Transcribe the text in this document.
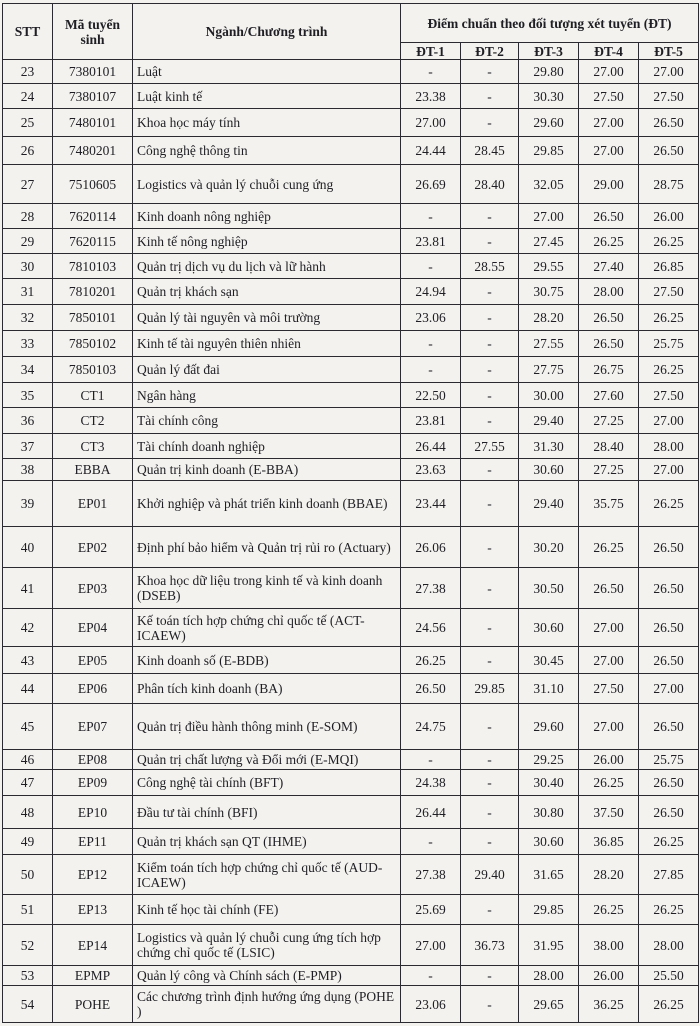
STT	Mã tuyển sinh	Ngành/Chương trình	Điểm chuẩn theo đối tượng xét tuyển (ĐT)				
			ĐT-1	ĐT-2	ĐT-3	ĐT-4	ĐT-5
23	7380101	Luật	-	-	29.80	27.00	27.00
24	7380107	Luật kinh tế	23.38	-	30.30	27.50	27.50
25	7480101	Khoa học máy tính	27.00	-	29.60	27.00	26.50
26	7480201	Công nghệ thông tin	24.44	28.45	29.85	27.00	26.50
27	7510605	Logistics và quản lý chuỗi cung ứng	26.69	28.40	32.05	29.00	28.75
28	7620114	Kinh doanh nông nghiệp	-	-	27.00	26.50	26.00
29	7620115	Kinh tế nông nghiệp	23.81	-	27.45	26.25	26.25
30	7810103	Quản trị dịch vụ du lịch và lữ hành	-	28.55	29.55	27.40	26.85
31	7810201	Quản trị khách sạn	24.94	-	30.75	28.00	27.50
32	7850101	Quản lý tài nguyên và môi trường	23.06	-	28.20	26.50	26.25
33	7850102	Kinh tế tài nguyên thiên nhiên	-	-	27.55	26.50	25.75
34	7850103	Quản lý đất đai	-	-	27.75	26.75	26.25
35	CT1	Ngân hàng	22.50	-	30.00	27.60	27.50
36	CT2	Tài chính công	23.81	-	29.40	27.25	27.00
37	CT3	Tài chính doanh nghiệp	26.44	27.55	31.30	28.40	28.00
38	EBBA	Quản trị kinh doanh (E-BBA)	23.63	-	30.60	27.25	27.00
39	EP01	Khởi nghiệp và phát triển kinh doanh (BBAE)	23.44	-	29.40	35.75	26.25
40	EP02	Định phí bảo hiểm và Quản trị rủi ro (Actuary)	26.06	-	30.20	26.25	26.50
41	EP03	Khoa học dữ liệu trong kinh tế và kinh doanh (DSEB)	27.38	-	30.50	26.50	26.50
42	EP04	Kế toán tích hợp chứng chỉ quốc tế (ACT-ICAEW)	24.56	-	30.60	27.00	26.50
43	EP05	Kinh doanh số (E-BDB)	26.25	-	30.45	27.00	26.50
44	EP06	Phân tích kinh doanh (BA)	26.50	29.85	31.10	27.50	27.00
45	EP07	Quản trị điều hành thông minh (E-SOM)	24.75	-	29.60	27.00	26.50
46	EP08	Quản trị chất lượng và Đổi mới (E-MQI)	-	-	29.25	26.00	25.75
47	EP09	Công nghệ tài chính (BFT)	24.38	-	30.40	26.25	26.50
48	EP10	Đầu tư tài chính (BFI)	26.44	-	30.80	37.50	26.50
49	EP11	Quản trị khách sạn QT (IHME)	-	-	30.60	36.85	26.25
50	EP12	Kiểm toán tích hợp chứng chỉ quốc tế (AUD-ICAEW)	27.38	29.40	31.65	28.20	27.85
51	EP13	Kinh tế học tài chính (FE)	25.69	-	29.85	26.25	26.25
52	EP14	Logistics và quản lý chuỗi cung ứng tích hợp chứng chỉ quốc tế (LSIC)	27.00	36.73	31.95	38.00	28.00
53	EPMP	Quản lý công và Chính sách (E-PMP)	-	-	28.00	26.00	25.50
54	POHE	Các chương trình định hướng ứng dụng (POHE )	23.06	-	29.65	36.25	26.25
